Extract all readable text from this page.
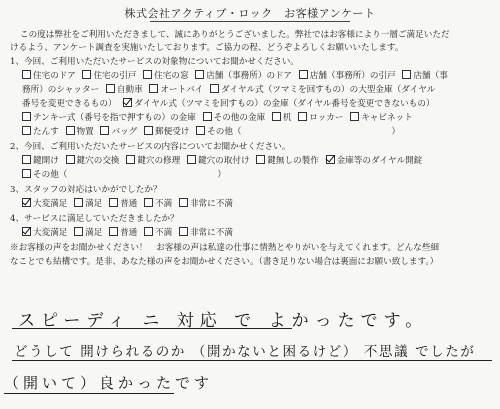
株式会社アクティブ・ロック　お客様アンケート
この度は弊社をご利用いただきまして、誠にありがとうございました。弊社ではお客様により一層ご満足いただ
けるよう、アンケート調査を実施いたしております。ご協力の程、どうぞよろしくお願いいたします。
1、今回、ご利用いただいたサービスの対象物についてお聞かせください。
住宅のドア 住宅の引戸 住宅の窓 店舗（事務所）のドア 店舗（事務所）の引戸 店舗（事
務所）のシャッター 自動車 オートバイ ダイヤル式（ツマミを回すもの）の大型金庫（ダイヤル
番号を変更できるもの） ダイヤル式（ツマミを回すもの）の金庫（ダイヤル番号を変更できないもの）
テンキー式（番号を指で押すもの）の金庫 その他の金庫 机 ロッカー キャビネット
たんす 物置 バッグ 郵便受け その他（	）
2、今回、ご利用いただいたサービスの内容についてお聞かせください。
鍵開け 鍵穴の交換 鍵穴の修理 鍵穴の取付け 鍵無しの製作 金庫等のダイヤル開錠
その他（	）
3、スタッフの対応はいかがでしたか？
大変満足 満足 普通 不満 非常に不満
4、サービスに満足していただきましたか？
大変満足 満足 普通 不満 非常に不満
※お客様の声をお聞かせください！　お客様の声は私達の仕事に情熱とやりがいを与えてくれます。どんな些細
なことでも結構です。是非、あなた様の声をお聞かせください。（書き足りない場合は裏面にお願い致します。）
スピーディ ニ 対応 で よかったです。
どうして 開けられるのか （開かないと困るけど） 不思議 でしたが
（開いて）良かったです
